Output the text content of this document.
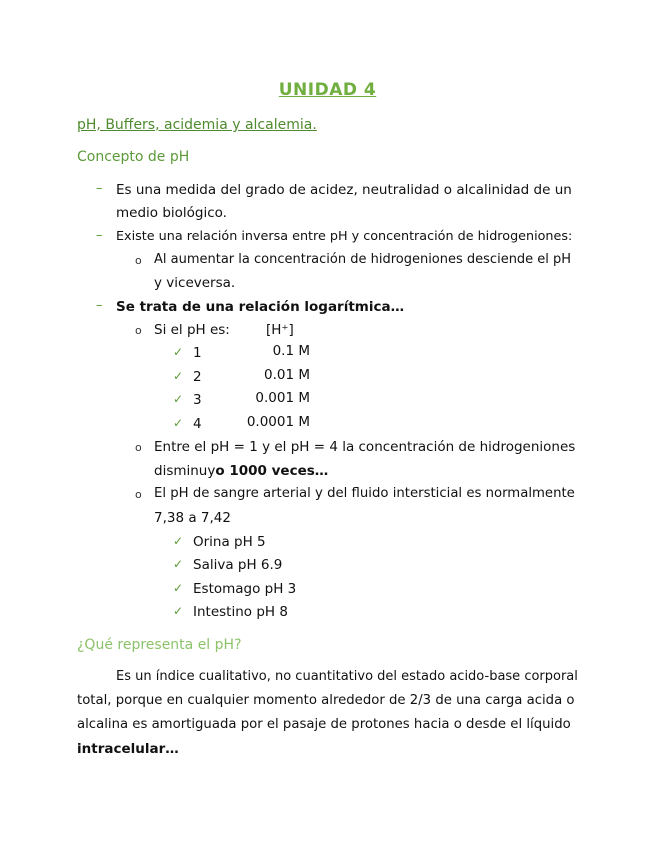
UNIDAD 4
pH, Buffers, acidemia y alcalemia.
Concepto de pH
– Es una medida del grado de acidez, neutralidad o alcalinidad de un
medio biológico.
– Existe una relación inversa entre pH y concentración de hidrogeniones:
o Al aumentar la concentración de hidrogeniones desciende el pH
y viceversa.
– Se trata de una relación logarítmica…
o Si el pH es:	[H⁺]
✓ 1	0.1 M
✓ 2	0.01 M
✓ 3	0.001 M
✓ 4	0.0001 M
o Entre el pH = 1 y el pH = 4 la concentración de hidrogeniones
disminuyo 1000 veces…
o El pH de sangre arterial y del fluido intersticial es normalmente
7,38 a 7,42
✓ Orina pH 5
✓ Saliva pH 6.9
✓ Estomago pH 3
✓ Intestino pH 8
¿Qué representa el pH?
Es un índice cualitativo, no cuantitativo del estado acido-base corporal
total, porque en cualquier momento alrededor de 2/3 de una carga acida o
alcalina es amortiguada por el pasaje de protones hacia o desde el líquido
intracelular…
